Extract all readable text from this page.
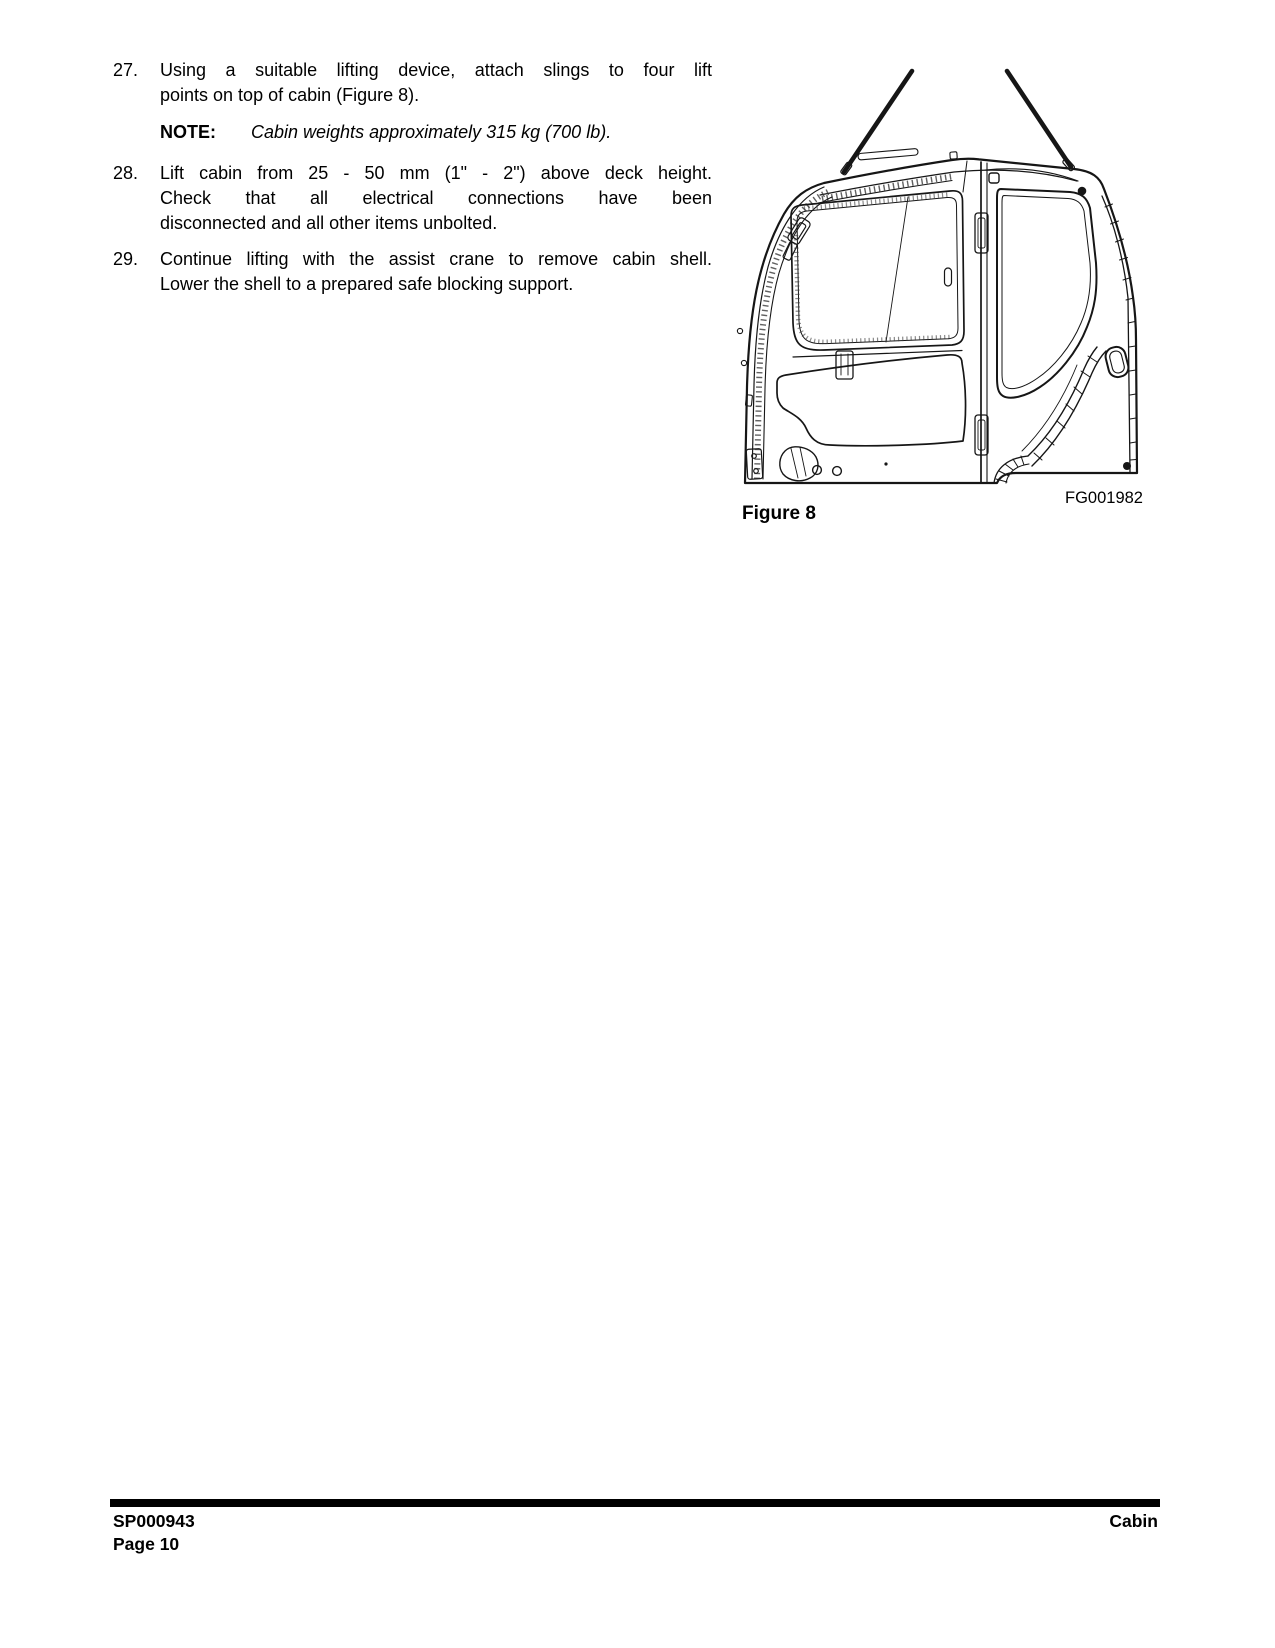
27. Using a suitable lifting device, attach slings to four lift
points on top of cabin (Figure 8).
NOTE: Cabin weights approximately 315 kg (700 lb).
28. Lift cabin from 25 - 50 mm (1" - 2") above deck height.
Check that all electrical connections have been
disconnected and all other items unbolted.
29. Continue lifting with the assist crane to remove cabin shell.
Lower the shell to a prepared safe blocking support.
FG001982
Figure 8
SP000943
Page 10
Cabin
